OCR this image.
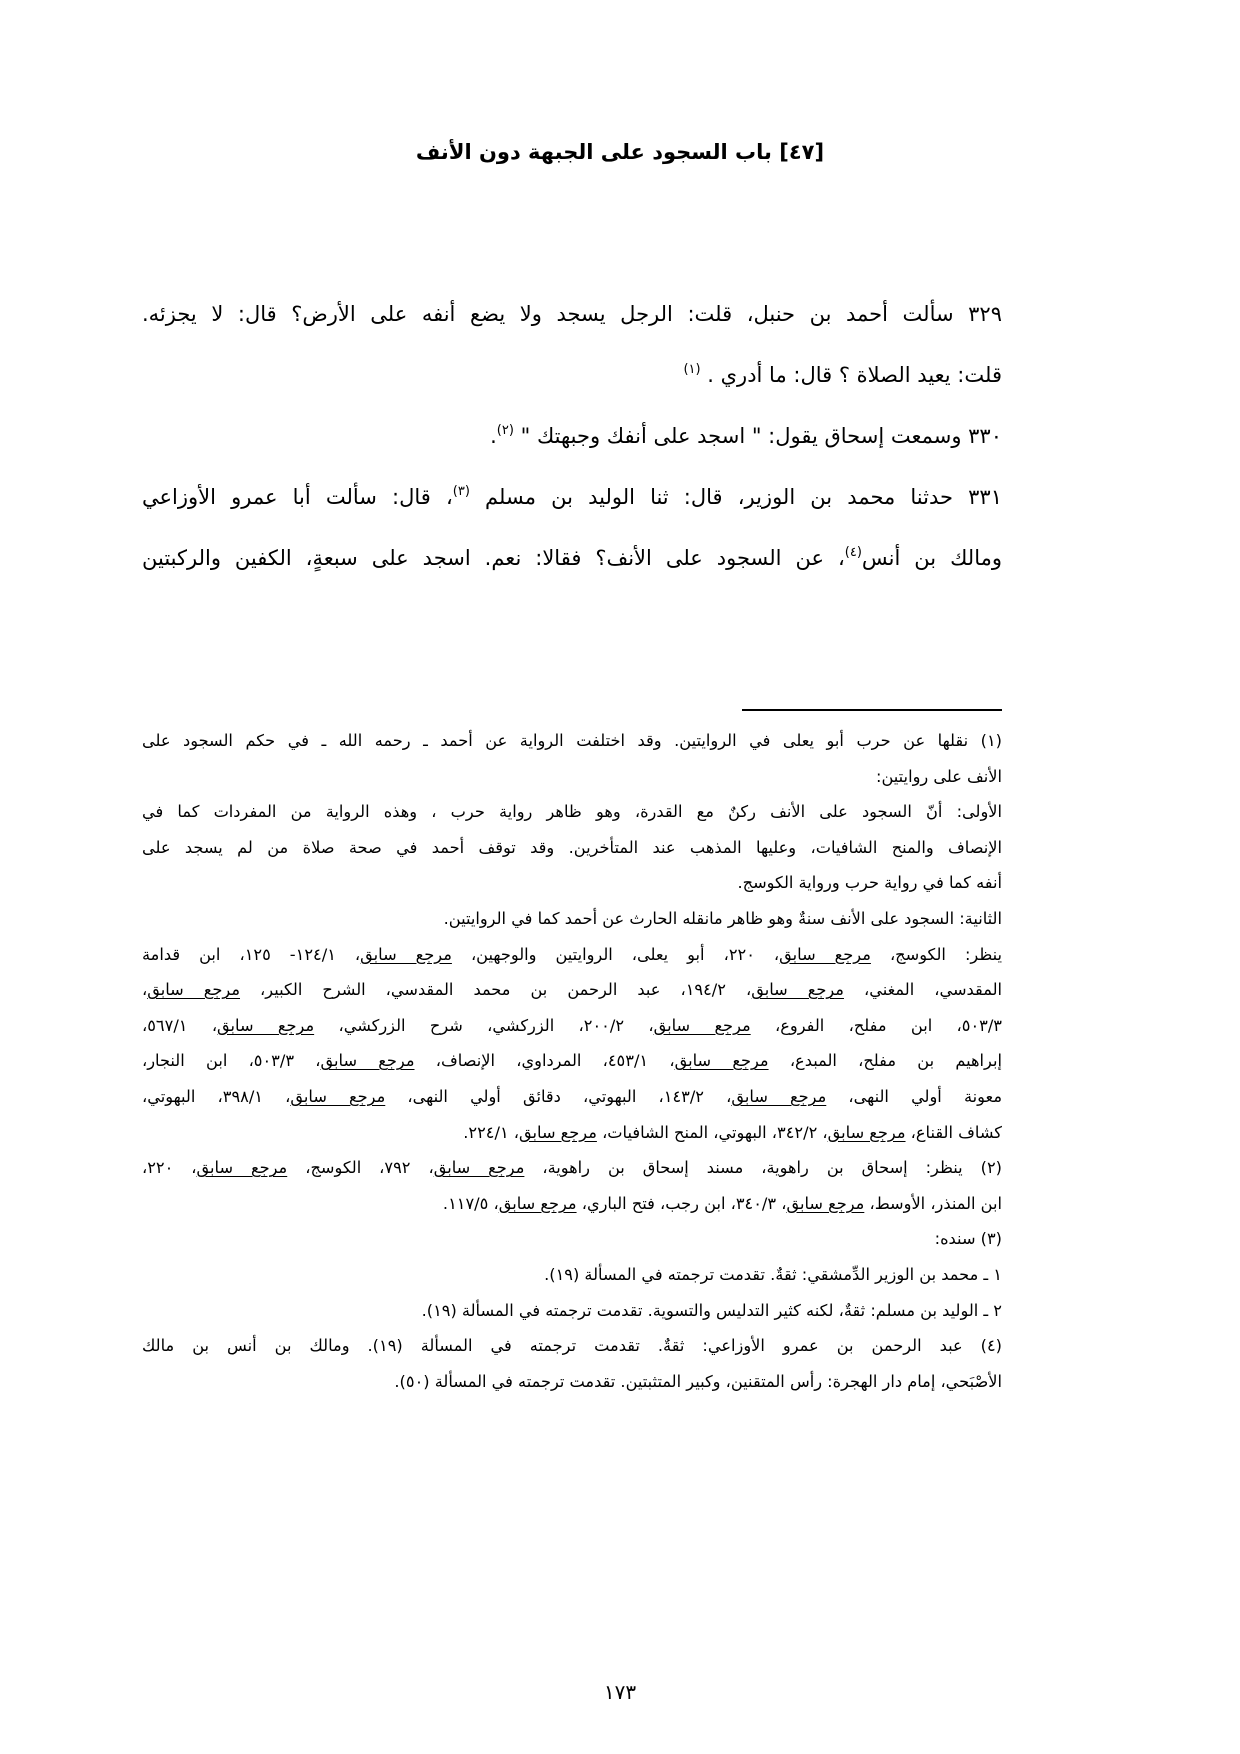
[٤٧] باب السجود على الجبهة دون الأنف
٣٢٩ سألت أحمد بن حنبل، قلت: الرجل يسجد ولا يضع أنفه على الأرض؟ قال: لا يجزئه.
قلت: يعيد الصلاة ؟ قال: ما أدري . $^{(١)}$
٣٣٠ وسمعت إسحاق يقول: " اسجد على أنفك وجبهتك " $^{(٢)}$.
٣٣١ حدثنا محمد بن الوزير، قال: ثنا الوليد بن مسلم $^{(٣)}$، قال: سألت أبا عمرو الأوزاعي
ومالك بن أنس$^{(٤)}$، عن السجود على الأنف؟ فقالا: نعم. اسجد على سبعةٍ، الكفين والركبتين
(١) نقلها عن حرب أبو يعلى في الروايتين. وقد اختلفت الرواية عن أحمد ـ رحمه الله ـ في حكم السجود على
الأنف على روايتين:
الأولى: أنّ السجود على الأنف ركنٌ مع القدرة، وهو ظاهر رواية حرب ، وهذه الرواية من المفردات كما في
الإنصاف والمنح الشافيات، وعليها المذهب عند المتأخرين. وقد توقف أحمد في صحة صلاة من لم يسجد على
أنفه كما في رواية حرب ورواية الكوسج.
الثانية: السجود على الأنف سنةٌ وهو ظاهر مانقله الحارث عن أحمد كما في الروايتين.
ينظر: الكوسج، مرجع سابق، ٢٢٠، أبو يعلى، الروايتين والوجهين، مرجع سابق، ١٢٤/١- ١٢٥، ابن قدامة
المقدسي، المغني، مرجع سابق، ١٩٤/٢، عبد الرحمن بن محمد المقدسي، الشرح الكبير، مرجع سابق،
٥٠٣/٣، ابن مفلح، الفروع، مرجع سابق، ٢٠٠/٢، الزركشي، شرح الزركشي، مرجع سابق، ٥٦٧/١،
إبراهيم بن مفلح، المبدع، مرجع سابق، ٤٥٣/١، المرداوي، الإنصاف، مرجع سابق، ٥٠٣/٣، ابن النجار،
معونة أولي النهى، مرجع سابق، ١٤٣/٢، البهوتي، دقائق أولي النهى، مرجع سابق، ٣٩٨/١، البهوتي،
كشاف القناع، مرجع سابق، ٣٤٢/٢، البهوتي، المنح الشافيات، مرجع سابق، ٢٢٤/١.
(٢) ينظر: إسحاق بن راهوية، مسند إسحاق بن راهوية، مرجع سابق، ٧٩٢، الكوسج، مرجع سابق، ٢٢٠،
ابن المنذر، الأوسط، مرجع سابق، ٣٤٠/٣، ابن رجب، فتح الباري، مرجع سابق، ١١٧/٥.
(٣) سنده:
١ ـ محمد بن الوزير الدِّمشقي: ثقةٌ. تقدمت ترجمته في المسألة (١٩).
٢ ـ الوليد بن مسلم: ثقةٌ، لكنه كثير التدليس والتسوية. تقدمت ترجمته في المسألة (١٩).
(٤) عبد الرحمن بن عمرو الأوزاعي: ثقةٌ. تقدمت ترجمته في المسألة (١٩). ومالك بن أنس بن مالك
الأصْبَحي، إمام دار الهجرة: رأس المتقنين، وكبير المتثبتين. تقدمت ترجمته في المسألة (٥٠).
١٧٣
